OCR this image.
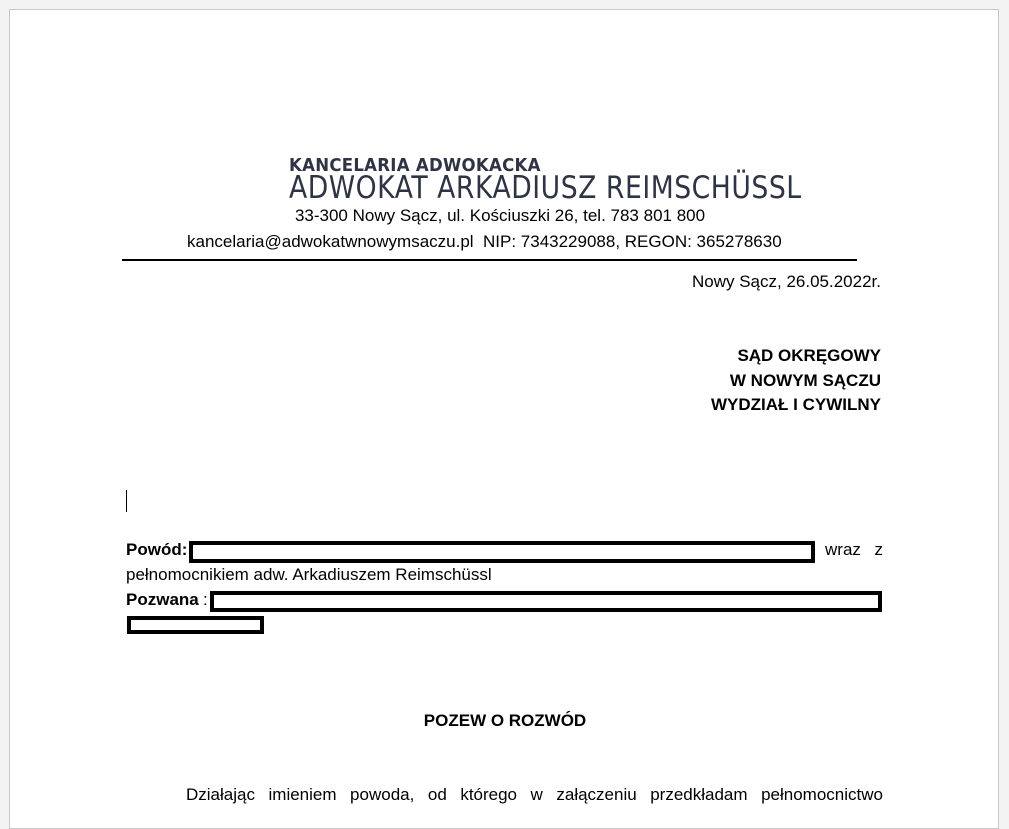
KANCELARIA ADWOKACKA
ADWOKAT ARKADIUSZ REIMSCHÜSSL
33-300 Nowy Sącz, ul. Kościuszki 26, tel. 783 801 800
kancelaria@adwokatwnowymsaczu.pl  NIP: 7343229088, REGON: 365278630
Nowy Sącz, 26.05.2022r.
SĄD OKRĘGOWY
W NOWYM SĄCZU
WYDZIAŁ I CYWILNY
Powód:	wraz z
pełnomocnikiem adw. Arkadiuszem Reimschüssl
Pozwana :
POZEW O ROZWÓD
Działając imieniem powoda, od którego w załączeniu przedkładam pełnomocnictwo
